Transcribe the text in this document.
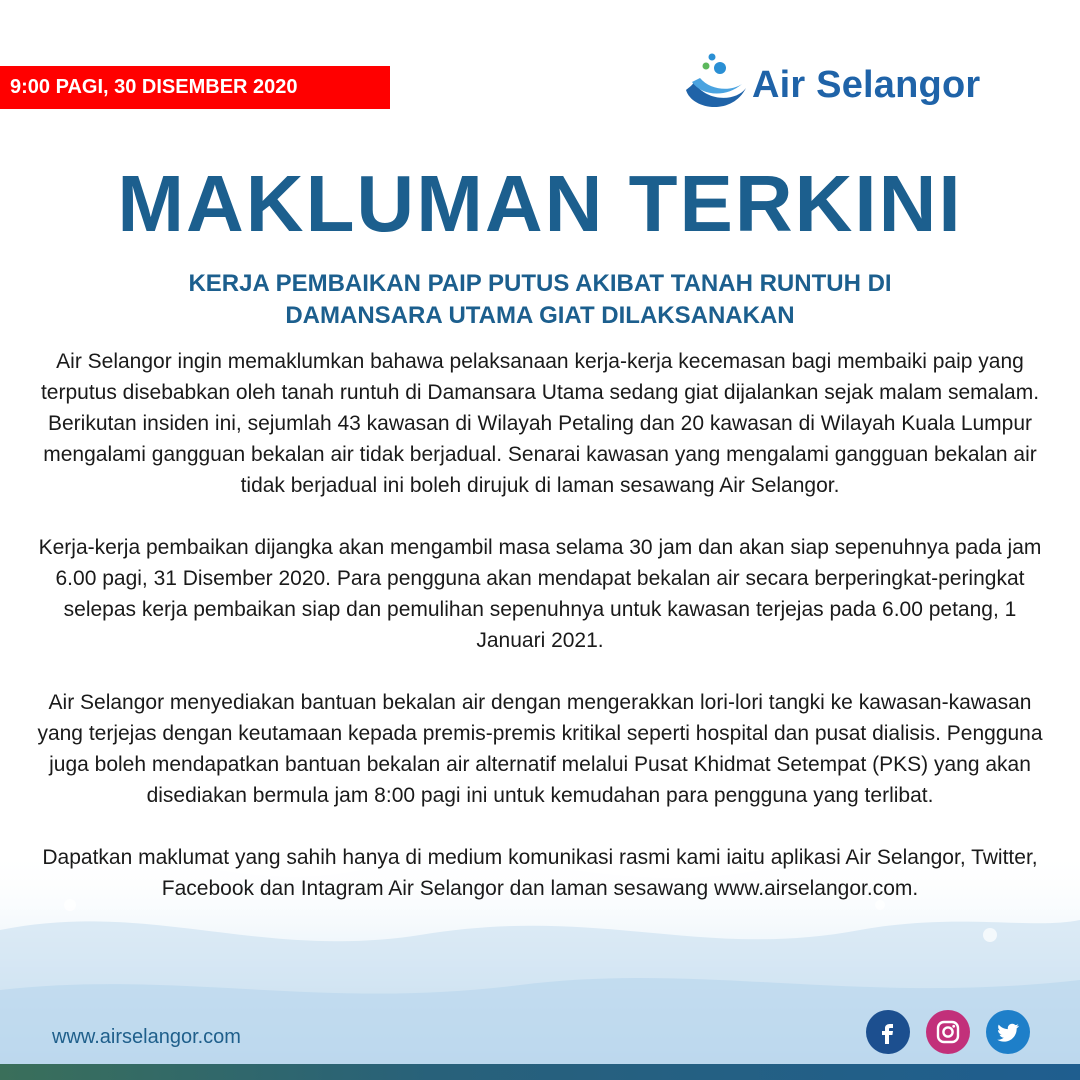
9:00 PAGI, 30 DISEMBER 2020	Air Selangor
MAKLUMAN TERKINI
KERJA PEMBAIKAN PAIP PUTUS AKIBAT TANAH RUNTUH DI
DAMANSARA UTAMA GIAT DILAKSANAKAN

Air Selangor ingin memaklumkan bahawa pelaksanaan kerja-kerja kecemasan bagi membaiki paip yang terputus disebabkan oleh tanah runtuh di Damansara Utama sedang giat dijalankan sejak malam semalam. Berikutan insiden ini, sejumlah 43 kawasan di Wilayah Petaling dan 20 kawasan di Wilayah Kuala Lumpur mengalami gangguan bekalan air tidak berjadual. Senarai kawasan yang mengalami gangguan bekalan air tidak berjadual ini boleh dirujuk di laman sesawang Air Selangor.

Kerja-kerja pembaikan dijangka akan mengambil masa selama 30 jam dan akan siap sepenuhnya pada jam 6.00 pagi, 31 Disember 2020. Para pengguna akan mendapat bekalan air secara berperingkat-peringkat selepas kerja pembaikan siap dan pemulihan sepenuhnya untuk kawasan terjejas pada 6.00 petang, 1 Januari 2021.

Air Selangor menyediakan bantuan bekalan air dengan mengerakkan lori-lori tangki ke kawasan-kawasan yang terjejas dengan keutamaan kepada premis-premis kritikal seperti hospital dan pusat dialisis. Pengguna juga boleh mendapatkan bantuan bekalan air alternatif melalui Pusat Khidmat Setempat (PKS) yang akan disediakan bermula jam 8:00 pagi ini untuk kemudahan para pengguna yang terlibat.

Dapatkan maklumat yang sahih hanya di medium komunikasi rasmi kami iaitu aplikasi Air Selangor, Twitter, Facebook dan Intagram Air Selangor dan laman sesawang www.airselangor.com.

www.airselangor.com
